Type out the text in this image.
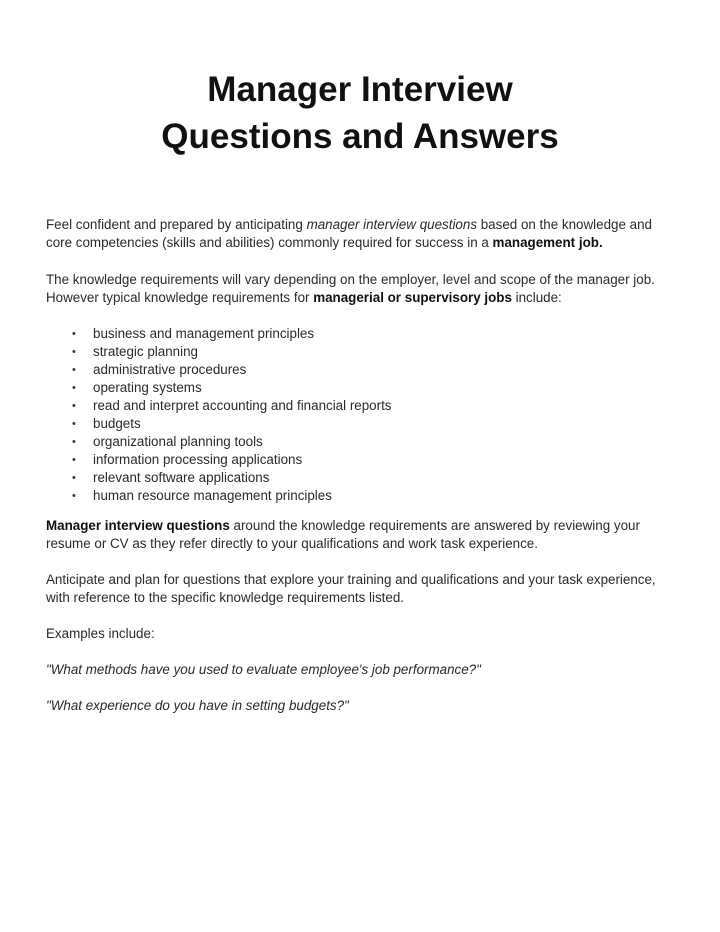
Manager Interview
Questions and Answers

Feel confident and prepared by anticipating manager interview questions based on the knowledge and core competencies (skills and abilities) commonly required for success in a management job.

The knowledge requirements will vary depending on the employer, level and scope of the manager job. However typical knowledge requirements for managerial or supervisory jobs include:

• business and management principles
• strategic planning
• administrative procedures
• operating systems
• read and interpret accounting and financial reports
• budgets
• organizational planning tools
• information processing applications
• relevant software applications
• human resource management principles

Manager interview questions around the knowledge requirements are answered by reviewing your resume or CV as they refer directly to your qualifications and work task experience.

Anticipate and plan for questions that explore your training and qualifications and your task experience, with reference to the specific knowledge requirements listed.

Examples include:

"What methods have you used to evaluate employee's job performance?"

"What experience do you have in setting budgets?"
